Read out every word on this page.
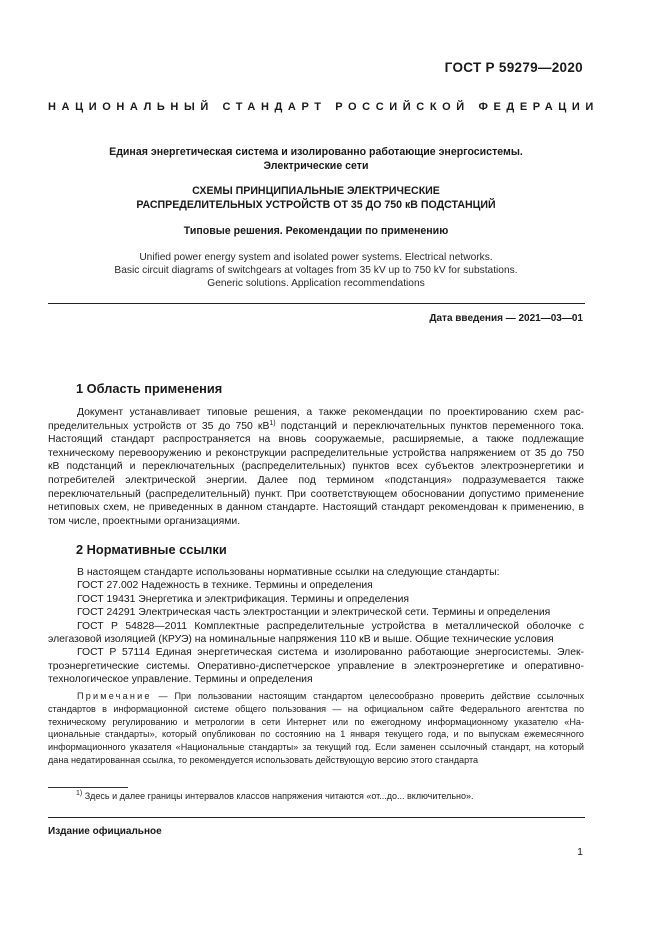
ГОСТ Р 59279—2020
НАЦИОНАЛЬНЫЙ СТАНДАРТ РОССИЙСКОЙ ФЕДЕРАЦИИ
Единая энергетическая система и изолированно работающие энергосистемы.
Электрические сети
СХЕМЫ ПРИНЦИПИАЛЬНЫЕ ЭЛЕКТРИЧЕСКИЕ
РАСПРЕДЕЛИТЕЛЬНЫХ УСТРОЙСТВ ОТ 35 ДО 750 кВ ПОДСТАНЦИЙ
Типовые решения. Рекомендации по применению
Unified power energy system and isolated power systems. Electrical networks.
Basic circuit diagrams of switchgears at voltages from 35 kV up to 750 kV for substations.
Generic solutions. Application recommendations
Дата введения — 2021—03—01
1 Область применения

Документ устанавливает типовые решения, а также рекомендации по проектированию схем распределительных устройств от 35 до 750 $кВ^{1)}$ подстанций и переключательных пунктов переменного тока. Настоящий стандарт распространяется на вновь сооружаемые, расширяемые, а также подлежащие техническому перевооружению и реконструкции распределительные устройства напряжением от 35 до 750 кВ подстанций и переключательных (распределительных) пунктов всех субъектов электроэнергетики и потребителей электрической энергии. Далее под термином «подстанция» подразумевается также переключательный (распределительный) пункт. При соответствующем обосновании допустимо применение нетиповых схем, не приведенных в данном стандарте. Настоящий стандарт рекомендован к применению, в том числе, проектными организациями.

2 Нормативные ссылки

В настоящем стандарте использованы нормативные ссылки на следующие стандарты:

ГОСТ 27.002 Надежность в технике. Термины и определения

ГОСТ 19431 Энергетика и электрификация. Термины и определения

ГОСТ 24291 Электрическая часть электростанции и электрической сети. Термины и определения

ГОСТ Р 54828—2011 Комплектные распределительные устройства в металлической оболочке с элегазовой изоляцией (КРУЭ) на номинальные напряжения 110 кВ и выше. Общие технические условия

ГОСТ Р 57114 Единая энергетическая система и изолированно работающие энергосистемы. Электроэнергетические системы. Оперативно-диспетчерское управление в электроэнергетике и оперативно-технологическое управление. Термины и определения

Примечание — При пользовании настоящим стандартом целесообразно проверить действие ссылочных стандартов в информационной системе общего пользования — на официальном сайте Федерального агентства по техническому регулированию и метрологии в сети Интернет или по ежегодному информационному указателю «Национальные стандарты», который опубликован по состоянию на 1 января текущего года, и по выпускам ежемесячного информационного указателя «Национальные стандарты» за текущий год. Если заменен ссылочный стандарт, на который дана недатированная ссылка, то рекомендуется использовать действующую версию этого стандарта
$^{1)}$ Здесь и далее границы интервалов классов напряжения читаются «от...до... включительно».
Издание официальное
1
